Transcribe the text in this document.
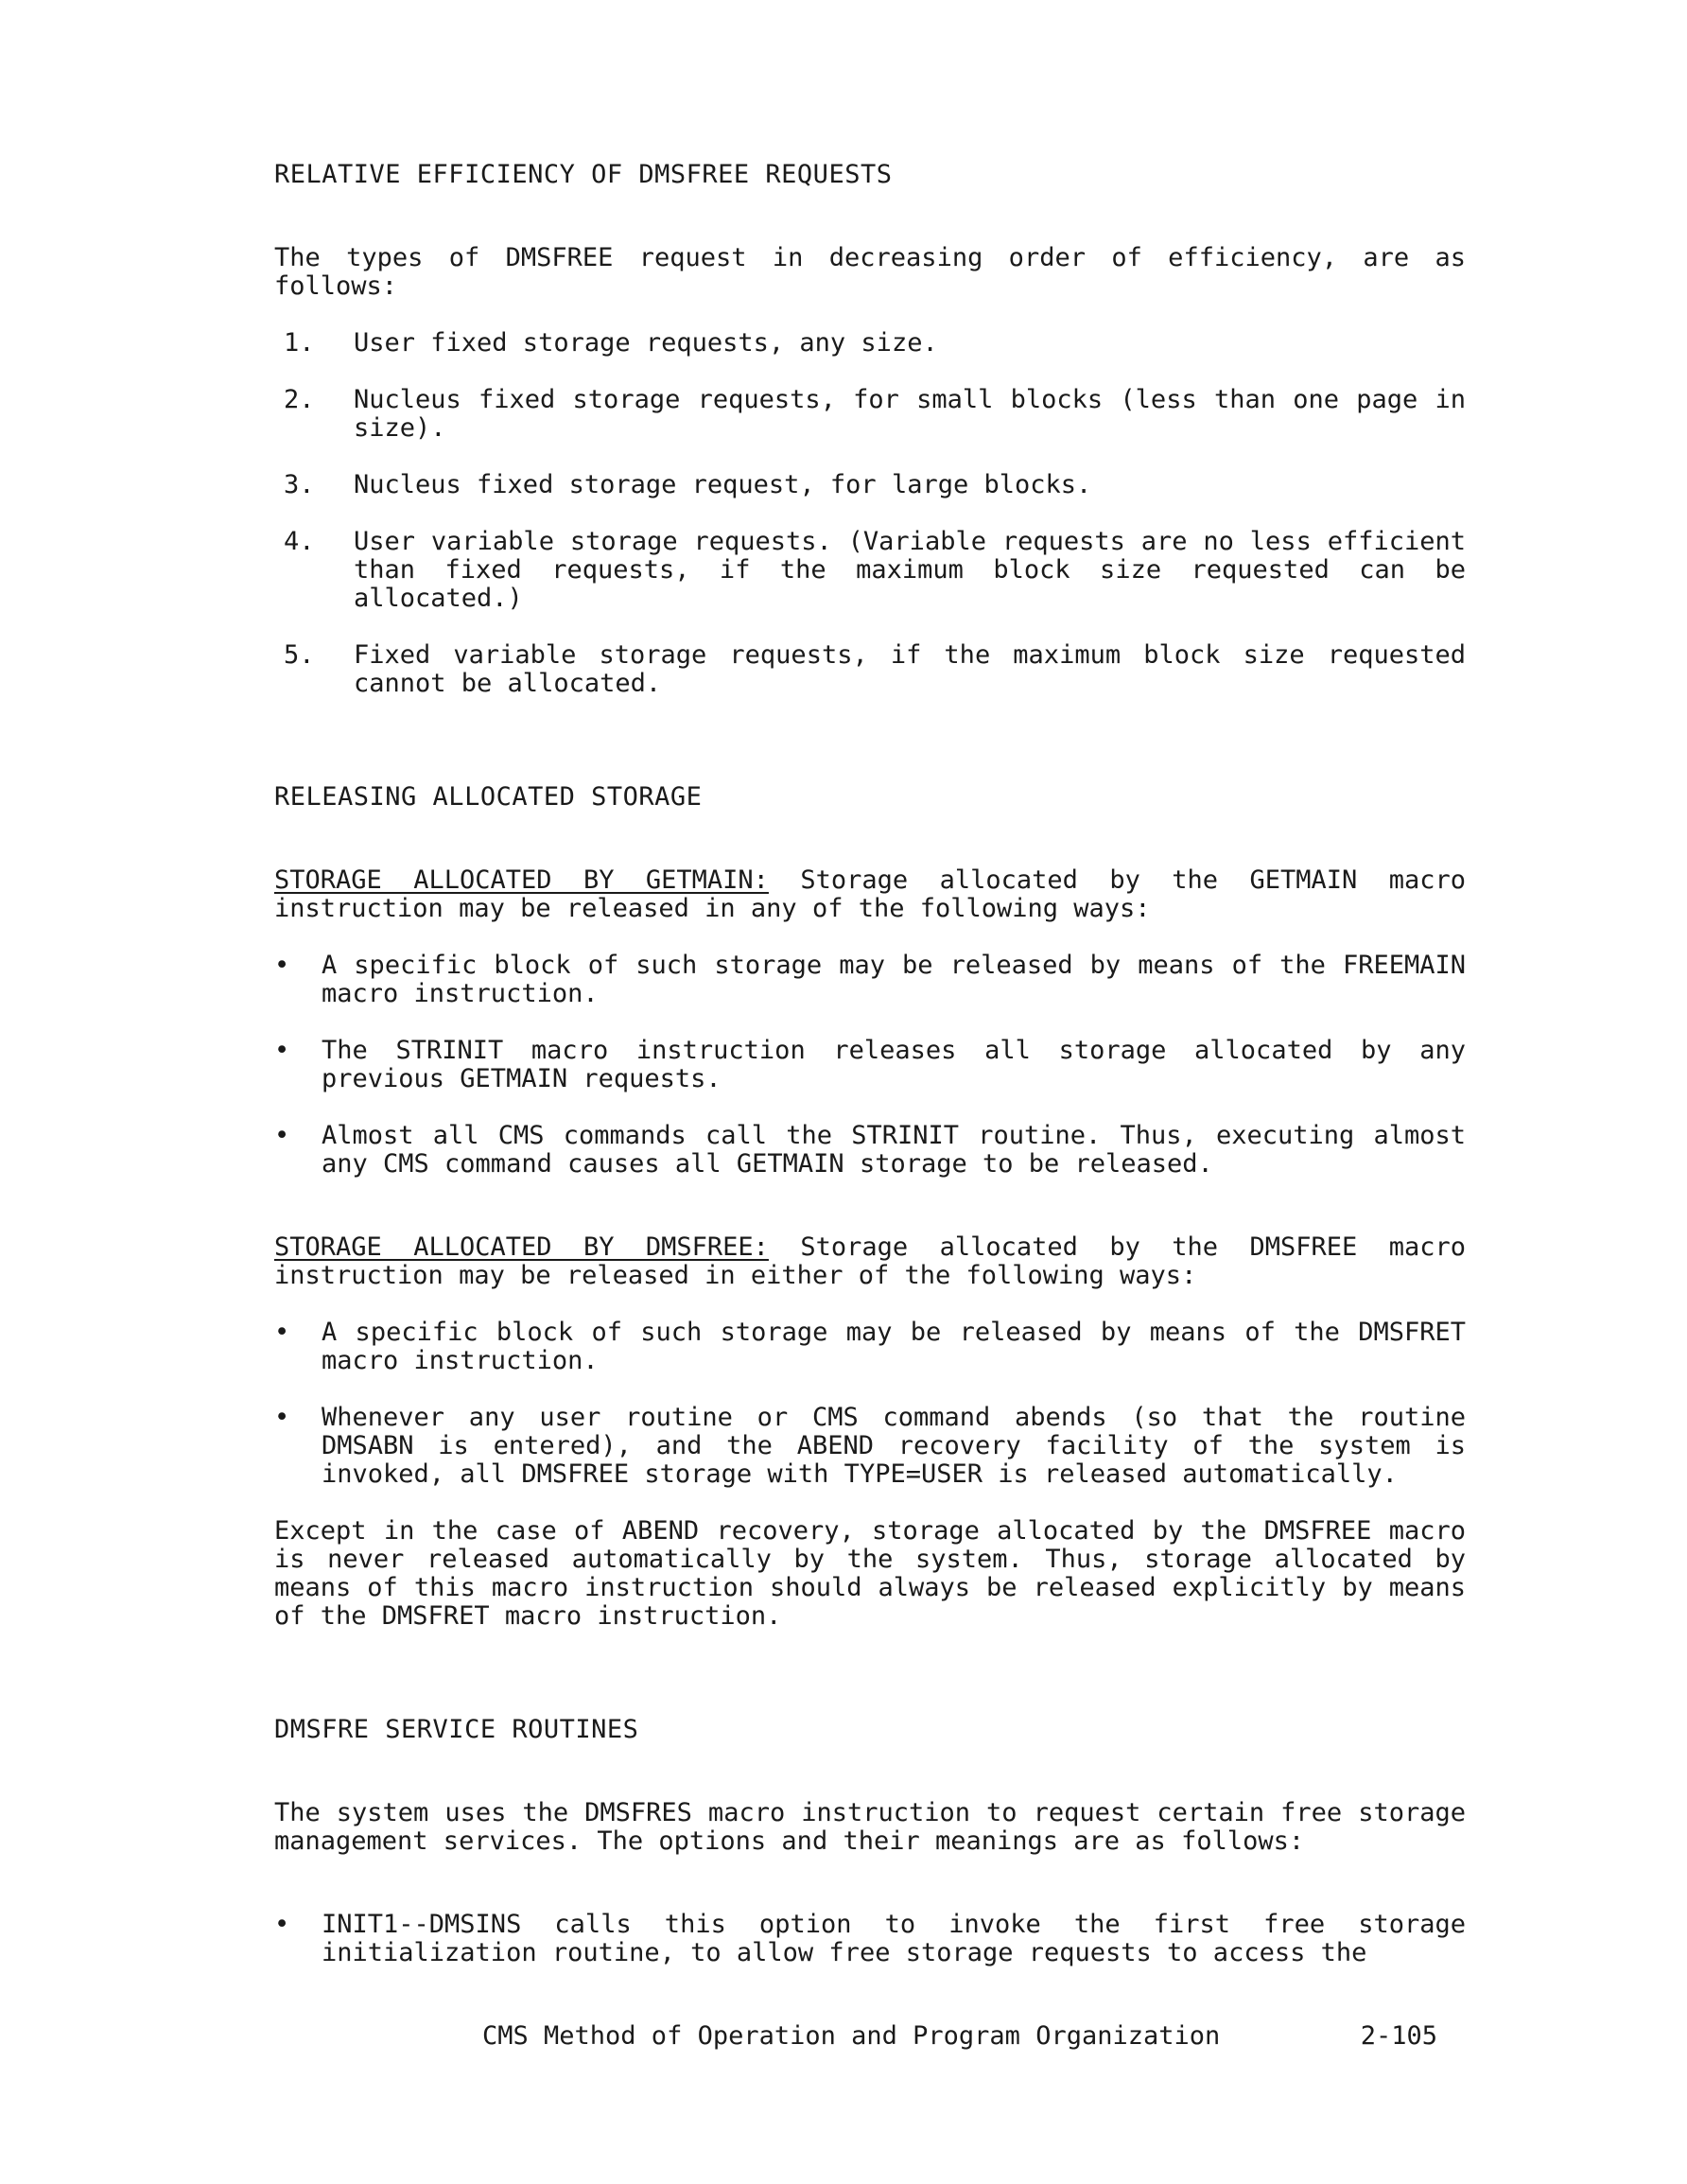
RELATIVE EFFICIENCY OF DMSFREE REQUESTS

The types of DMSFREE request in decreasing order of efficiency, are as follows:

1. User fixed storage requests, any size.
2. Nucleus fixed storage requests, for small blocks (less than one page in size).
3. Nucleus fixed storage request, for large blocks.
4. User variable storage requests. (Variable requests are no less efficient than fixed requests, if the maximum block size requested can be allocated.)
5. Fixed variable storage requests, if the maximum block size requested cannot be allocated.
RELEASING ALLOCATED STORAGE

STORAGE ALLOCATED BY GETMAIN: Storage allocated by the GETMAIN macro instruction may be released in any of the following ways:

• A specific block of such storage may be released by means of the FREEMAIN macro instruction.
• The STRINIT macro instruction releases all storage allocated by any previous GETMAIN requests.
• Almost all CMS commands call the STRINIT routine. Thus, executing almost any CMS command causes all GETMAIN storage to be released.

STORAGE ALLOCATED BY DMSFREE: Storage allocated by the DMSFREE macro instruction may be released in either of the following ways:

• A specific block of such storage may be released by means of the DMSFRET macro instruction.
• Whenever any user routine or CMS command abends (so that the routine DMSABN is entered), and the ABEND recovery facility of the system is invoked, all DMSFREE storage with TYPE=USER is released automatically.

Except in the case of ABEND recovery, storage allocated by the DMSFREE macro is never released automatically by the system. Thus, storage allocated by means of this macro instruction should always be released explicitly by means of the DMSFRET macro instruction.

DMSFRE SERVICE ROUTINES

The system uses the DMSFRES macro instruction to request certain free storage management services. The options and their meanings are as follows:

• INIT1--DMSINS calls this option to invoke the first free storage initialization routine, to allow free storage requests to access the
CMS Method of Operation and Program Organization	2-105
